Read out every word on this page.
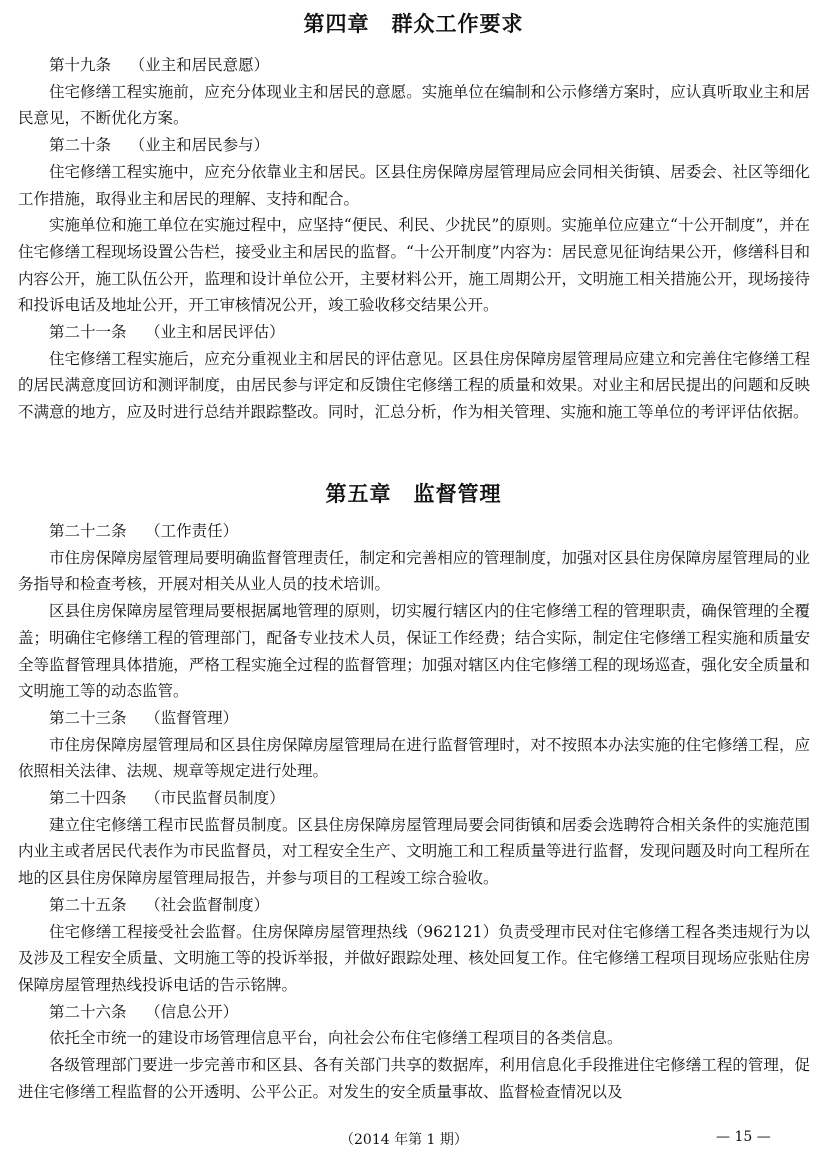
第四章　群众工作要求

第十九条 （业主和居民意愿）

住宅修缮工程实施前，应充分体现业主和居民的意愿。实施单位在编制和公示修缮方案时，应认真听取业主和居民意见，不断优化方案。

第二十条 （业主和居民参与）

住宅修缮工程实施中，应充分依靠业主和居民。区县住房保障房屋管理局应会同相关街镇、居委会、社区等细化工作措施，取得业主和居民的理解、支持和配合。

实施单位和施工单位在实施过程中，应坚持“便民、利民、少扰民”的原则。实施单位应建立“十公开制度”，并在住宅修缮工程现场设置公告栏，接受业主和居民的监督。“十公开制度”内容为：居民意见征询结果公开，修缮科目和内容公开，施工队伍公开，监理和设计单位公开，主要材料公开，施工周期公开，文明施工相关措施公开，现场接待和投诉电话及地址公开，开工审核情况公开，竣工验收移交结果公开。

第二十一条 （业主和居民评估）

住宅修缮工程实施后，应充分重视业主和居民的评估意见。区县住房保障房屋管理局应建立和完善住宅修缮工程的居民满意度回访和测评制度，由居民参与评定和反馈住宅修缮工程的质量和效果。对业主和居民提出的问题和反映不满意的地方，应及时进行总结并跟踪整改。同时，汇总分析，作为相关管理、实施和施工等单位的考评评估依据。

第五章　监督管理

第二十二条 （工作责任）

市住房保障房屋管理局要明确监督管理责任，制定和完善相应的管理制度，加强对区县住房保障房屋管理局的业务指导和检查考核，开展对相关从业人员的技术培训。

区县住房保障房屋管理局要根据属地管理的原则，切实履行辖区内的住宅修缮工程的管理职责，确保管理的全覆盖；明确住宅修缮工程的管理部门，配备专业技术人员，保证工作经费；结合实际，制定住宅修缮工程实施和质量安全等监督管理具体措施，严格工程实施全过程的监督管理；加强对辖区内住宅修缮工程的现场巡查，强化安全质量和文明施工等的动态监管。

第二十三条 （监督管理）

市住房保障房屋管理局和区县住房保障房屋管理局在进行监督管理时，对不按照本办法实施的住宅修缮工程，应依照相关法律、法规、规章等规定进行处理。

第二十四条 （市民监督员制度）

建立住宅修缮工程市民监督员制度。区县住房保障房屋管理局要会同街镇和居委会选聘符合相关条件的实施范围内业主或者居民代表作为市民监督员，对工程安全生产、文明施工和工程质量等进行监督，发现问题及时向工程所在地的区县住房保障房屋管理局报告，并参与项目的工程竣工综合验收。

第二十五条 （社会监督制度）

住宅修缮工程接受社会监督。住房保障房屋管理热线（962121）负责受理市民对住宅修缮工程各类违规行为以及涉及工程安全质量、文明施工等的投诉举报，并做好跟踪处理、核处回复工作。住宅修缮工程项目现场应张贴住房保障房屋管理热线投诉电话的告示铭牌。

第二十六条 （信息公开）

依托全市统一的建设市场管理信息平台，向社会公布住宅修缮工程项目的各类信息。

各级管理部门要进一步完善市和区县、各有关部门共享的数据库，利用信息化手段推进住宅修缮工程的管理，促进住宅修缮工程监督的公开透明、公平公正。对发生的安全质量事故、监督检查情况以及

（2014 年第 1 期）	— 15 —
